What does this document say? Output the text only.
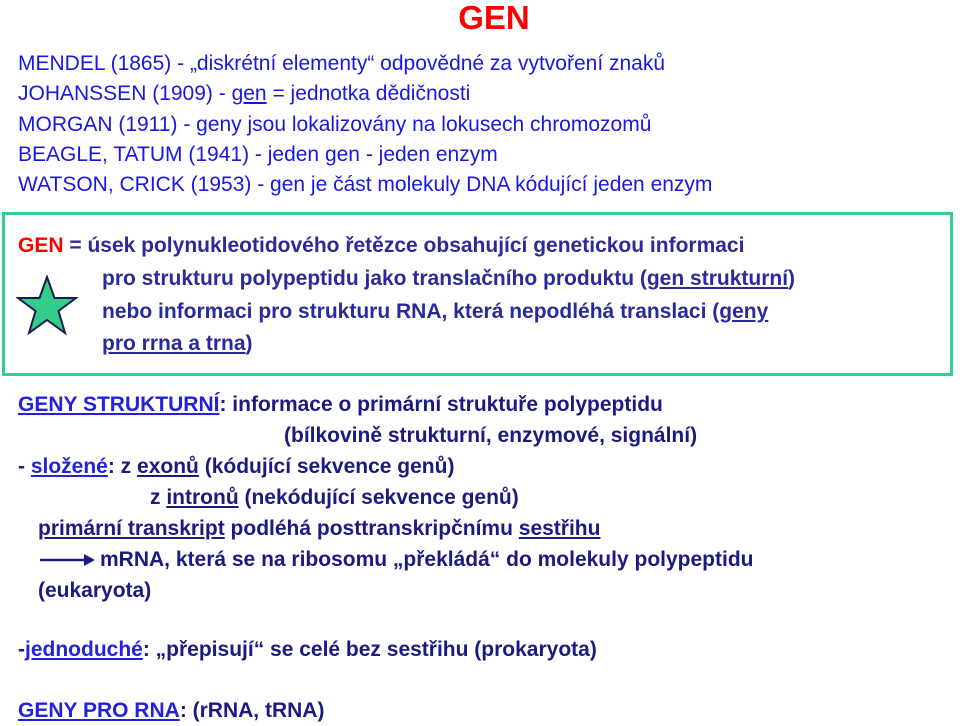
GEN
MENDEL (1865) - „diskrétní elementy“ odpovědné za vytvoření znaků
JOHANSSEN (1909) - gen = jednotka dědičnosti
MORGAN (1911) - geny jsou lokalizovány na lokusech chromozomů
BEAGLE, TATUM (1941) - jeden gen - jeden enzym
WATSON, CRICK (1953) - gen je část molekuly DNA kódující jeden enzym
GEN = úsek polynukleotidového řetězce obsahující genetickou informaci
pro strukturu polypeptidu jako translačního produktu (gen strukturní)
nebo informaci pro strukturu RNA, která nepodléhá translaci (geny
pro rrna a trna)
GENY STRUKTURNÍ: informace o primární struktuře polypeptidu
(bílkovině strukturní, enzymové, signální)
- složené: z exonů (kódující sekvence genů)
z intronů (nekódující sekvence genů)
primární transkript podléhá posttranskripčnímu sestřihu
mRNA, která se na ribosomu „překládá“ do molekuly polypeptidu
(eukaryota)
-jednoduché: „přepisují“ se celé bez sestřihu (prokaryota)
GENY PRO RNA: (rRNA, tRNA)
